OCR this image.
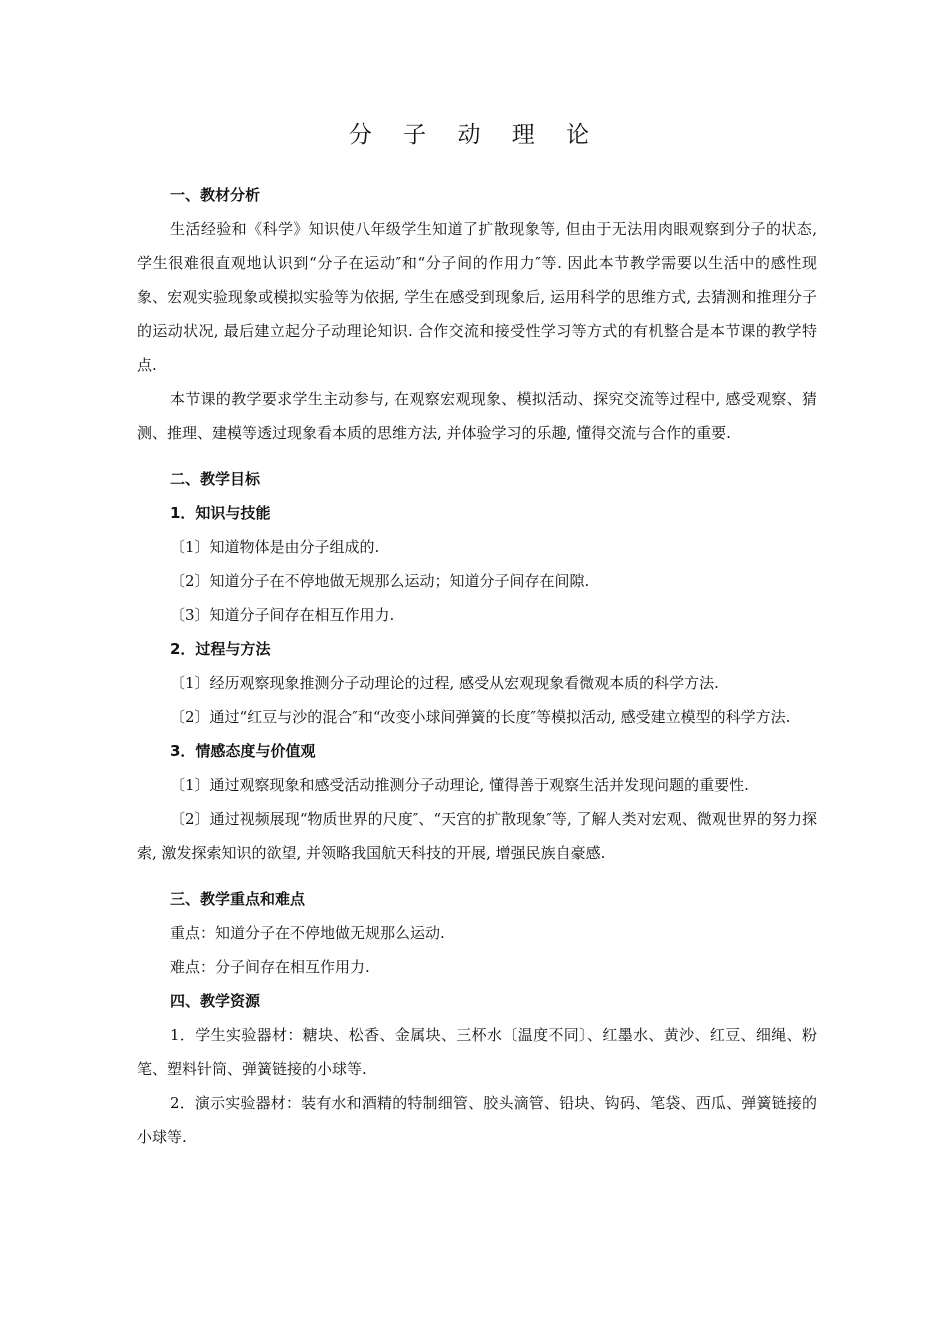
分 子 动 理 论

一、教材分析

生活经验和《科学》知识使八年级学生知道了扩散现象等, 但由于无法用肉眼观察到分子的状态, 学生很难很直观地认识到“分子在运动″和“分子间的作用力″等. 因此本节教学需要以生活中的感性现象、宏观实验现象或模拟实验等为依据, 学生在感受到现象后, 运用科学的思维方式, 去猜测和推理分子的运动状况, 最后建立起分子动理论知识. 合作交流和接受性学习等方式的有机整合是本节课的教学特点.

本节课的教学要求学生主动参与, 在观察宏观现象、模拟活动、探究交流等过程中, 感受观察、猜测、推理、建模等透过现象看本质的思维方法, 并体验学习的乐趣, 懂得交流与合作的重要.

二、教学目标

1．知识与技能

〔1〕知道物体是由分子组成的.

〔2〕知道分子在不停地做无规那么运动；知道分子间存在间隙.

〔3〕知道分子间存在相互作用力.

2．过程与方法

〔1〕经历观察现象推测分子动理论的过程, 感受从宏观现象看微观本质的科学方法.

〔2〕通过“红豆与沙的混合″和“改变小球间弹簧的长度″等模拟活动, 感受建立模型的科学方法.

3．情感态度与价值观

〔1〕通过观察现象和感受活动推测分子动理论, 懂得善于观察生活并发现问题的重要性.

〔2〕通过视频展现“物质世界的尺度″、“天宫的扩散现象″等, 了解人类对宏观、微观世界的努力探索, 激发探索知识的欲望, 并领略我国航天科技的开展, 增强民族自豪感.

三、教学重点和难点

重点：知道分子在不停地做无规那么运动.

难点：分子间存在相互作用力.

四、教学资源

1．学生实验器材：糖块、松香、金属块、三杯水〔温度不同〕、红墨水、黄沙、红豆、细绳、粉笔、塑料针筒、弹簧链接的小球等.

2．演示实验器材：装有水和酒精的特制细管、胶头滴管、铅块、钩码、笔袋、西瓜、弹簧链接的小球等.
